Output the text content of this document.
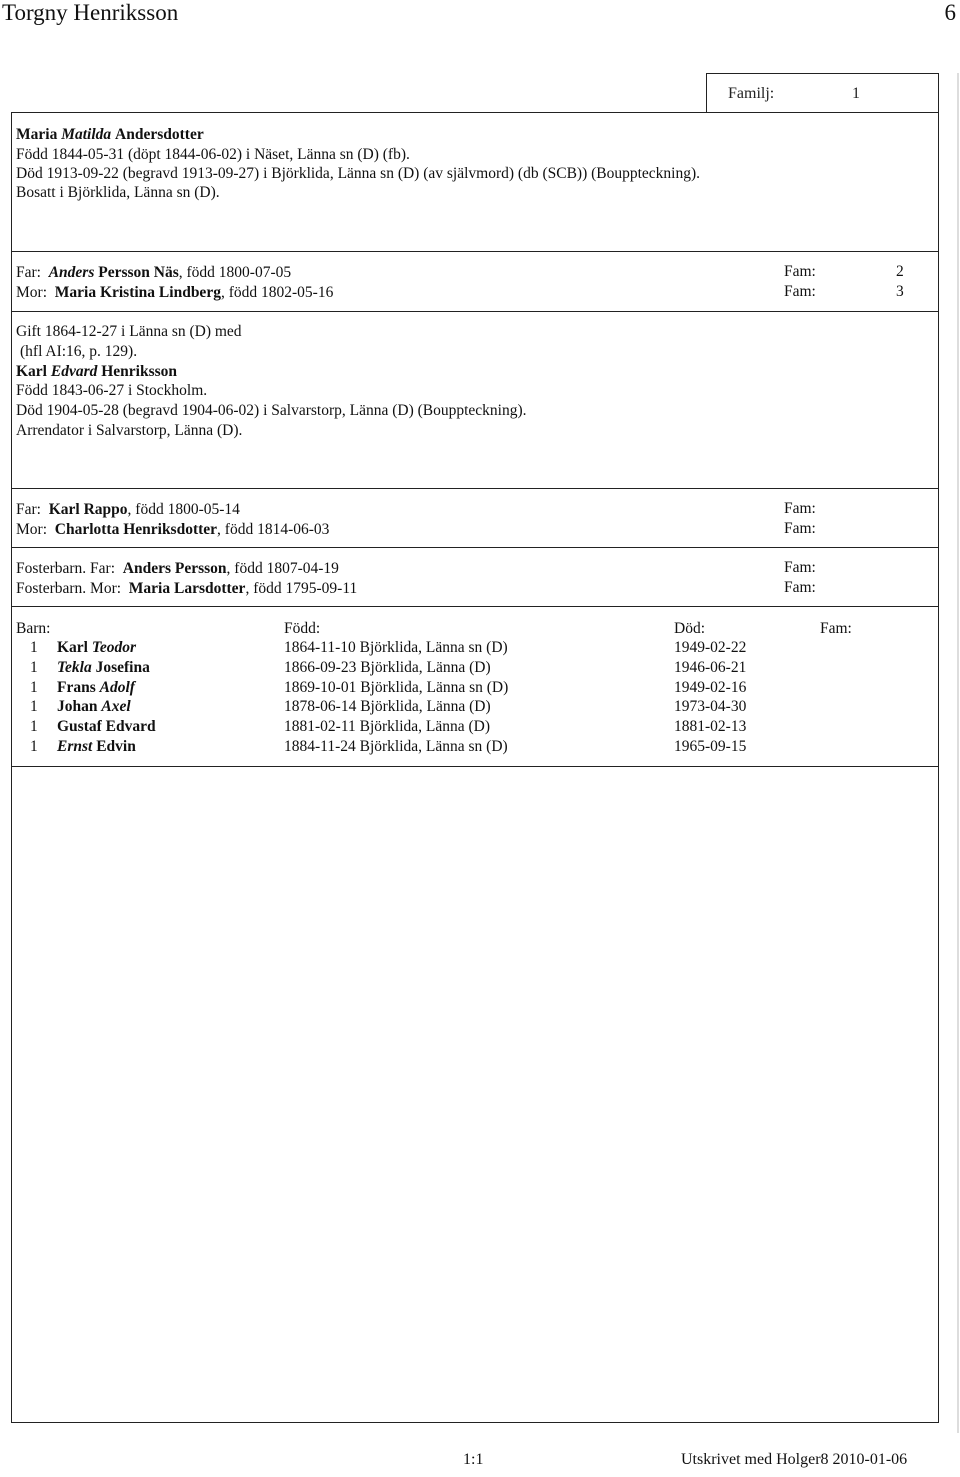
Torgny Henriksson	6
Familj:	1
Maria Matilda Andersdotter
Född 1844-05-31 (döpt 1844-06-02) i Näset, Länna sn (D) (fb).
Död 1913-09-22 (begravd 1913-09-27) i Björklida, Länna sn (D) (av självmord) (db (SCB)) (Bouppteckning).
Bosatt i Björklida, Länna sn (D).
Far: Anders Persson Näs, född 1800-07-05	Fam:	2
Mor: Maria Kristina Lindberg, född 1802-05-16	Fam:	3
Gift 1864-12-27 i Länna sn (D) med
(hfl AI:16, p. 129).
Karl Edvard Henriksson
Född 1843-06-27 i Stockholm.
Död 1904-05-28 (begravd 1904-06-02) i Salvarstorp, Länna (D) (Bouppteckning).
Arrendator i Salvarstorp, Länna (D).
Far: Karl Rappo, född 1800-05-14	Fam:
Mor: Charlotta Henriksdotter, född 1814-06-03	Fam:
Fosterbarn. Far: Anders Persson, född 1807-04-19	Fam:
Fosterbarn. Mor: Maria Larsdotter, född 1795-09-11	Fam:
Barn:	Född:	Död:	Fam:
1 Karl Teodor	1864-11-10 Björklida, Länna sn (D)	1949-02-22
1 Tekla Josefina	1866-09-23 Björklida, Länna (D)	1946-06-21
1 Frans Adolf	1869-10-01 Björklida, Länna sn (D)	1949-02-16
1 Johan Axel	1878-06-14 Björklida, Länna (D)	1973-04-30
1 Gustaf Edvard	1881-02-11 Björklida, Länna (D)	1881-02-13
1 Ernst Edvin	1884-11-24 Björklida, Länna sn (D)	1965-09-15
1:1	Utskrivet med Holger8 2010-01-06
